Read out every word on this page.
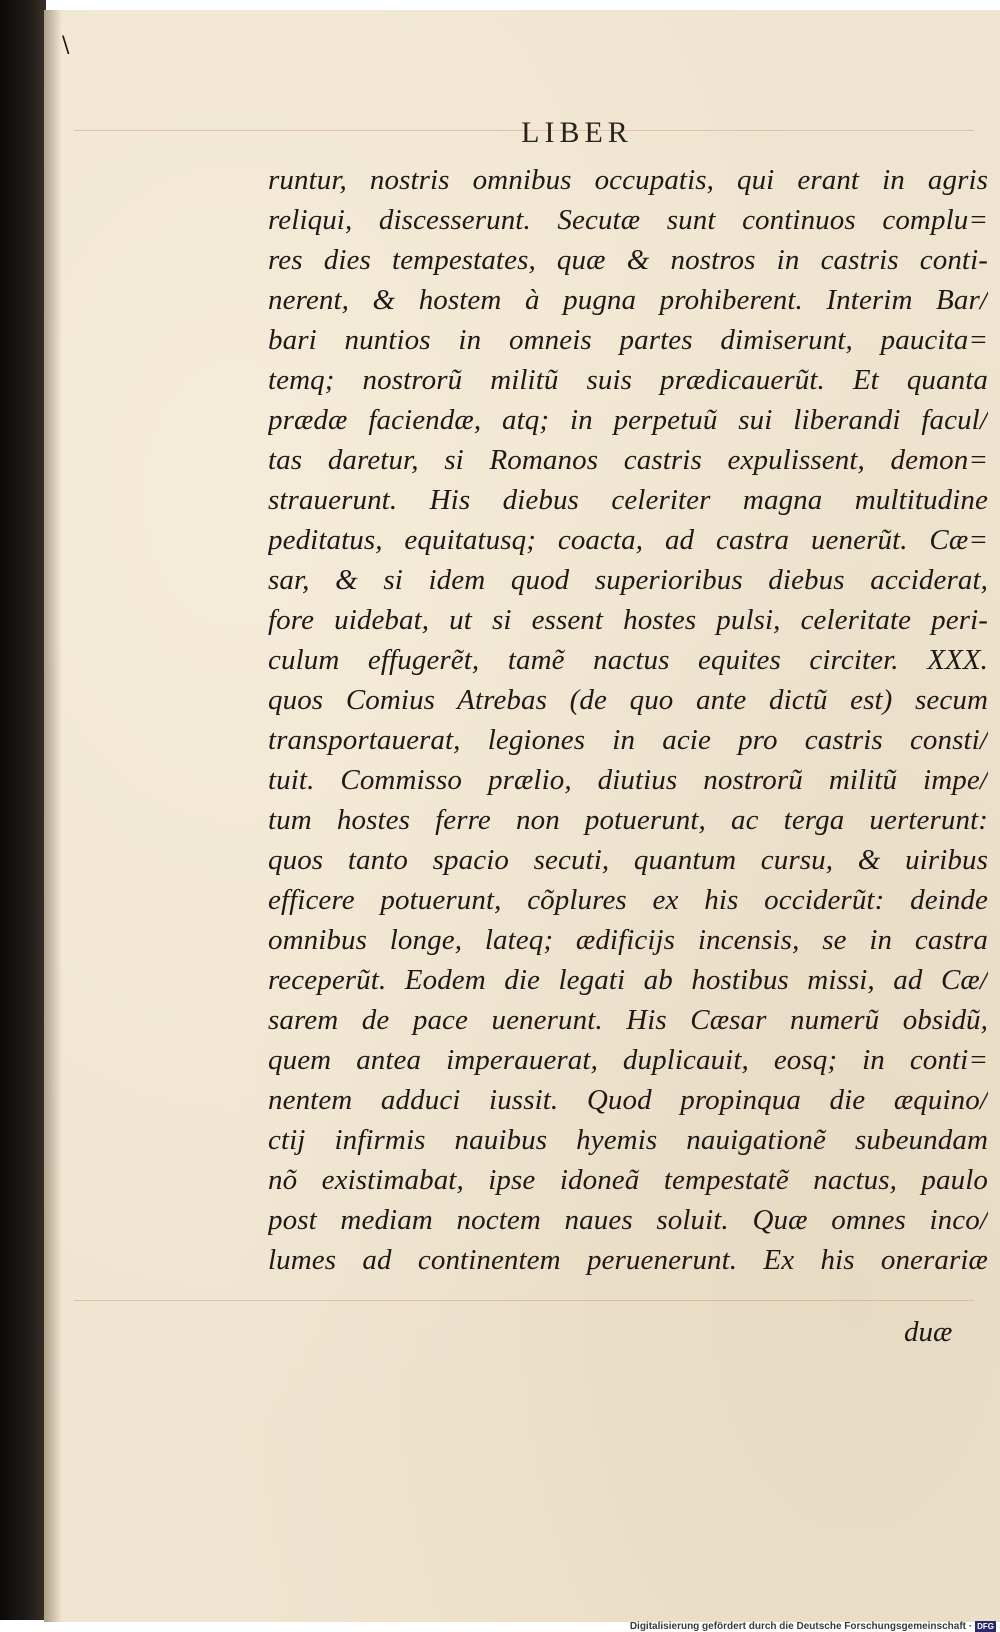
\
LIBER
runtur, nostris omnibus occupatis, qui erant in agris
reliqui, discesserunt. Secutæ sunt continuos complu=
res dies tempestates, quæ & nostros in castris conti-
nerent, & hostem à pugna prohiberent. Interim Bar/
bari nuntios in omneis partes dimiserunt, paucita=
temq; nostrorũ militũ suis prædicauerũt. Et quanta
prædæ faciendæ, atq; in perpetuũ sui liberandi facul/
tas daretur, si Romanos castris expulissent, demon=
strauerunt. His diebus celeriter magna multitudine
peditatus, equitatusq; coacta, ad castra uenerũt. Cæ=
sar, & si idem quod superioribus diebus acciderat,
fore uidebat, ut si essent hostes pulsi, celeritate peri-
culum effugerẽt, tamẽ nactus equites circiter. XXX.
quos Comius Atrebas (de quo ante dictũ est) secum
transportauerat, legiones in acie pro castris consti/
tuit. Commisso prælio, diutius nostrorũ militũ impe/
tum hostes ferre non potuerunt, ac terga uerterunt:
quos tanto spacio secuti, quantum cursu, & uiribus
efficere potuerunt, cõplures ex his occiderũt: deinde
omnibus longe, lateq; ædificijs incensis, se in castra
receperũt. Eodem die legati ab hostibus missi, ad Cæ/
sarem de pace uenerunt. His Cæsar numerũ obsidũ,
quem antea imperauerat, duplicauit, eosq; in conti=
nentem adduci iussit. Quod propinqua die æquino/
ctij infirmis nauibus hyemis nauigationẽ subeundam
nõ existimabat, ipse idoneã tempestatẽ nactus, paulo
post mediam noctem naues soluit. Quæ omnes inco/
lumes ad continentem peruenerunt. Ex his onerariæ
duæ
Digitalisierung gefördert durch die Deutsche Forschungsgemeinschaft · DFG
